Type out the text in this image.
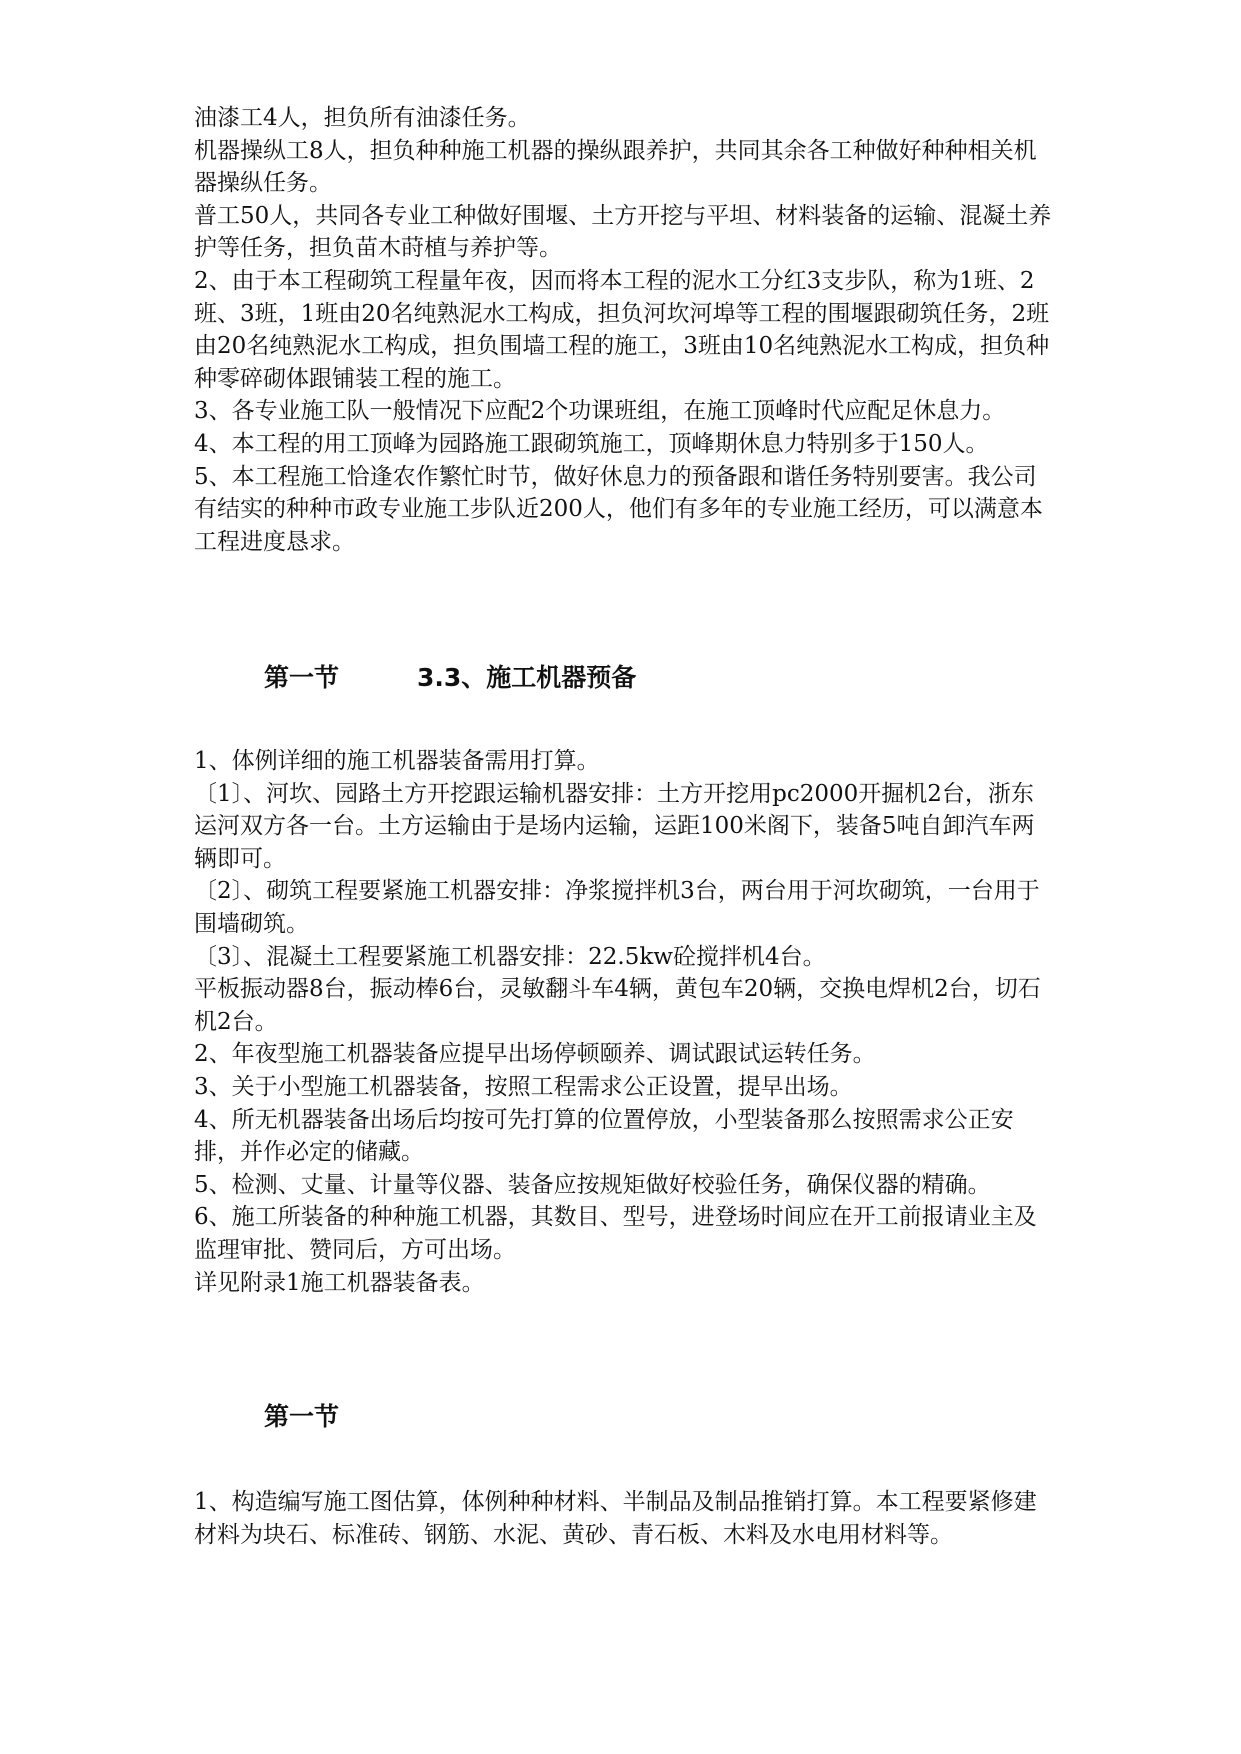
油漆工4人，担负所有油漆任务。

机器操纵工8人，担负种种施工机器的操纵跟养护，共同其余各工种做好种种相关机器操纵任务。

普工50人，共同各专业工种做好围堰、土方开挖与平坦、材料装备的运输、混凝土养护等任务，担负苗木莳植与养护等。

2、由于本工程砌筑工程量年夜，因而将本工程的泥水工分红3支步队，称为1班、2班、3班，1班由20名纯熟泥水工构成，担负河坎河埠等工程的围堰跟砌筑任务，2班由20名纯熟泥水工构成，担负围墙工程的施工，3班由10名纯熟泥水工构成，担负种种零碎砌体跟铺装工程的施工。

3、各专业施工队一般情况下应配2个功课班组，在施工顶峰时代应配足休息力。

4、本工程的用工顶峰为园路施工跟砌筑施工，顶峰期休息力特别多于150人。

5、本工程施工恰逢农作繁忙时节，做好休息力的预备跟和谐任务特别要害。我公司有结实的种种市政专业施工步队近200人，他们有多年的专业施工经历，可以满意本工程进度恳求。

第一节	3.3、施工机器预备

1、体例详细的施工机器装备需用打算。

〔1〕、河坎、园路土方开挖跟运输机器安排：土方开挖用pc2000开掘机2台，浙东运河双方各一台。土方运输由于是场内运输，运距100米阁下，装备5吨自卸汽车两辆即可。

〔2〕、砌筑工程要紧施工机器安排：净浆搅拌机3台，两台用于河坎砌筑，一台用于围墙砌筑。

〔3〕、混凝土工程要紧施工机器安排：22.5kw砼搅拌机4台。

平板振动器8台，振动棒6台，灵敏翻斗车4辆，黄包车20辆，交换电焊机2台，切石机2台。

2、年夜型施工机器装备应提早出场停顿颐养、调试跟试运转任务。

3、关于小型施工机器装备，按照工程需求公正设置，提早出场。

4、所无机器装备出场后均按可先打算的位置停放，小型装备那么按照需求公正安排，并作必定的储藏。

5、检测、丈量、计量等仪器、装备应按规矩做好校验任务，确保仪器的精确。

6、施工所装备的种种施工机器，其数目、型号，进登场时间应在开工前报请业主及监理审批、赞同后，方可出场。

详见附录1施工机器装备表。

第一节

1、构造编写施工图估算，体例种种材料、半制品及制品推销打算。本工程要紧修建材料为块石、标准砖、钢筋、水泥、黄砂、青石板、木料及水电用材料等。
